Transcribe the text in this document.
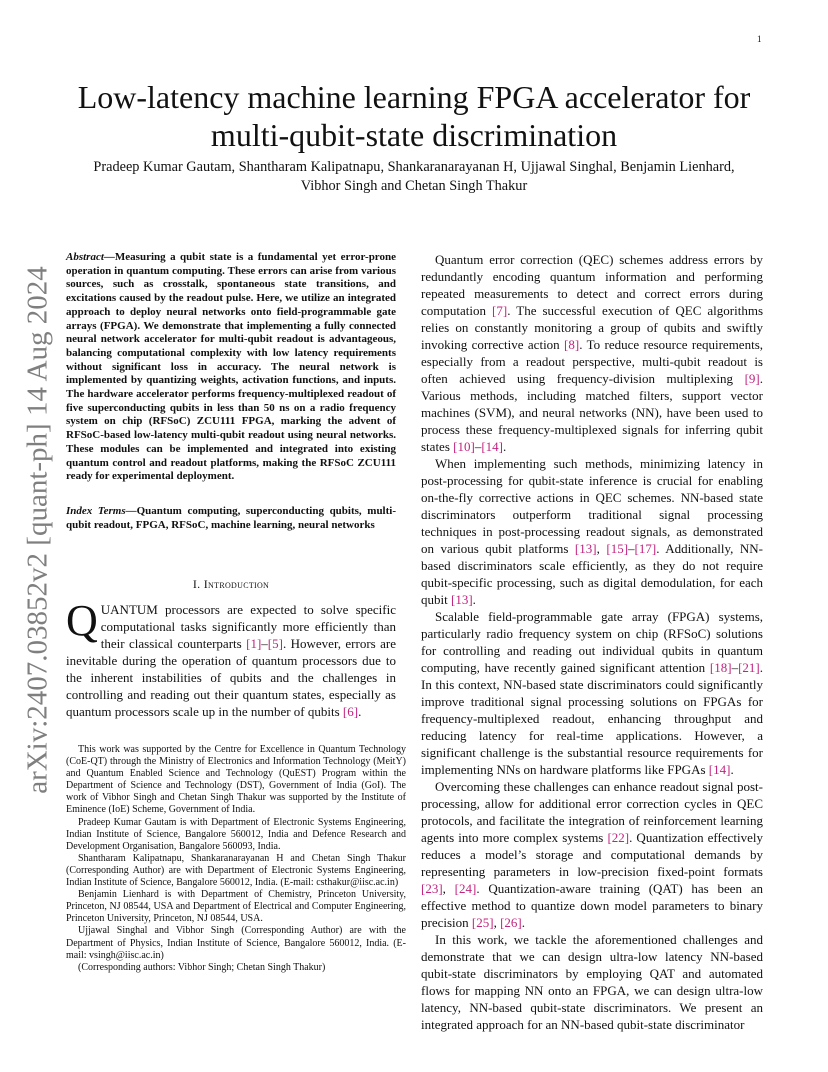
1
arXiv:2407.03852v2 [quant-ph] 14 Aug 2024
Low-latency machine learning FPGA accelerator for
multi-qubit-state discrimination
Pradeep Kumar Gautam, Shantharam Kalipatnapu, Shankaranarayanan H, Ujjawal Singhal, Benjamin Lienhard,
Vibhor Singh and Chetan Singh Thakur
Abstract—Measuring a qubit state is a fundamental yet error-prone operation in quantum computing. These errors can arise from various sources, such as crosstalk, spontaneous state transitions, and excitations caused by the readout pulse. Here, we utilize an integrated approach to deploy neural networks onto field-programmable gate arrays (FPGA). We demonstrate that implementing a fully connected neural network accelerator for multi-qubit readout is advantageous, balancing computational complexity with low latency requirements without significant loss in accuracy. The neural network is implemented by quantizing weights, activation functions, and inputs. The hardware accelerator performs frequency-multiplexed readout of five superconducting qubits in less than 50 ns on a radio frequency system on chip (RFSoC) ZCU111 FPGA, marking the advent of RFSoC-based low-latency multi-qubit readout using neural networks. These modules can be implemented and integrated into existing quantum control and readout platforms, making the RFSoC ZCU111 ready for experimental deployment.
Index Terms—Quantum computing, superconducting qubits, multi-qubit readout, FPGA, RFSoC, machine learning, neural networks
I. Introduction
QUANTUM processors are expected to solve specific computational tasks significantly more efficiently than their classical counterparts [1]–[5]. However, errors are inevitable during the operation of quantum processors due to the inherent instabilities of qubits and the challenges in controlling and reading out their quantum states, especially as quantum processors scale up in the number of qubits [6].

This work was supported by the Centre for Excellence in Quantum Technology (CoE-QT) through the Ministry of Electronics and Information Technology (MeitY) and Quantum Enabled Science and Technology (QuEST) Program within the Department of Science and Technology (DST), Government of India (GoI). The work of Vibhor Singh and Chetan Singh Thakur was supported by the Institute of Eminence (IoE) Scheme, Government of India.

Pradeep Kumar Gautam is with Department of Electronic Systems Engineering, Indian Institute of Science, Bangalore 560012, India and Defence Research and Development Organisation, Bangalore 560093, India.

Shantharam Kalipatnapu, Shankaranarayanan H and Chetan Singh Thakur (Corresponding Author) are with Department of Electronic Systems Engineering, Indian Institute of Science, Bangalore 560012, India. (E-mail: csthakur@iisc.ac.in)

Benjamin Lienhard is with Department of Chemistry, Princeton University, Princeton, NJ 08544, USA and Department of Electrical and Computer Engineering, Princeton University, Princeton, NJ 08544, USA.

Ujjawal Singhal and Vibhor Singh (Corresponding Author) are with the Department of Physics, Indian Institute of Science, Bangalore 560012, India. (E-mail: vsingh@iisc.ac.in)

(Corresponding authors: Vibhor Singh; Chetan Singh Thakur)

Quantum error correction (QEC) schemes address errors by redundantly encoding quantum information and performing repeated measurements to detect and correct errors during computation [7]. The successful execution of QEC algorithms relies on constantly monitoring a group of qubits and swiftly invoking corrective action [8]. To reduce resource requirements, especially from a readout perspective, multi-qubit readout is often achieved using frequency-division multiplexing [9]. Various methods, including matched filters, support vector machines (SVM), and neural networks (NN), have been used to process these frequency-multiplexed signals for inferring qubit states [10]–[14].

When implementing such methods, minimizing latency in post-processing for qubit-state inference is crucial for enabling on-the-fly corrective actions in QEC schemes. NN-based state discriminators outperform traditional signal processing techniques in post-processing readout signals, as demonstrated on various qubit platforms [13], [15]–[17]. Additionally, NN-based discriminators scale efficiently, as they do not require qubit-specific processing, such as digital demodulation, for each qubit [13].

Scalable field-programmable gate array (FPGA) systems, particularly radio frequency system on chip (RFSoC) solutions for controlling and reading out individual qubits in quantum computing, have recently gained significant attention [18]–[21]. In this context, NN-based state discriminators could significantly improve traditional signal processing solutions on FPGAs for frequency-multiplexed readout, enhancing throughput and reducing latency for real-time applications. However, a significant challenge is the substantial resource requirements for implementing NNs on hardware platforms like FPGAs [14].

Overcoming these challenges can enhance readout signal post-processing, allow for additional error correction cycles in QEC protocols, and facilitate the integration of reinforcement learning agents into more complex systems [22]. Quantization effectively reduces a model’s storage and computational demands by representing parameters in low-precision fixed-point formats [23], [24]. Quantization-aware training (QAT) has been an effective method to quantize down model parameters to binary precision [25], [26].

In this work, we tackle the aforementioned challenges and demonstrate that we can design ultra-low latency NN-based qubit-state discriminators by employing QAT and automated flows for mapping NN onto an FPGA, we can design ultra-low latency, NN-based qubit-state discriminators. We present an integrated approach for an NN-based qubit-state discriminator
